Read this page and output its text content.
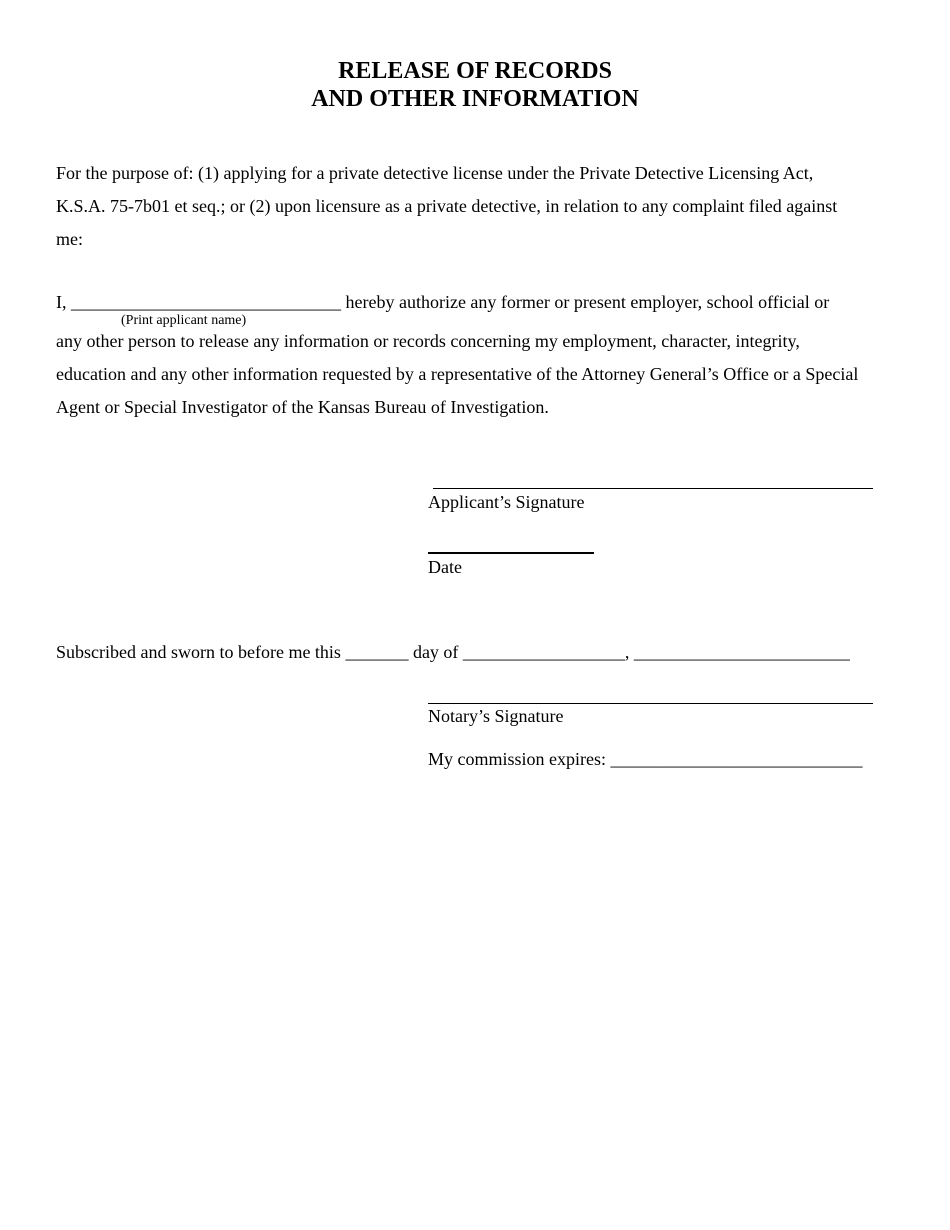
RELEASE OF RECORDS
AND OTHER INFORMATION
For the purpose of: (1) applying for a private detective license under the Private Detective Licensing Act,
K.S.A. 75-7b01 et seq.; or (2) upon licensure as a private detective, in relation to any complaint filed against
me:
I, ______________________________ hereby authorize any former or present employer, school official or
(Print applicant name)
any other person to release any information or records concerning my employment, character, integrity,
education and any other information requested by a representative of the Attorney General’s Office or a Special
Agent or Special Investigator of the Kansas Bureau of Investigation.
Applicant’s Signature
Date
Subscribed and sworn to before me this _______ day of __________________, ________________________
Notary’s Signature
My commission expires: ____________________________
